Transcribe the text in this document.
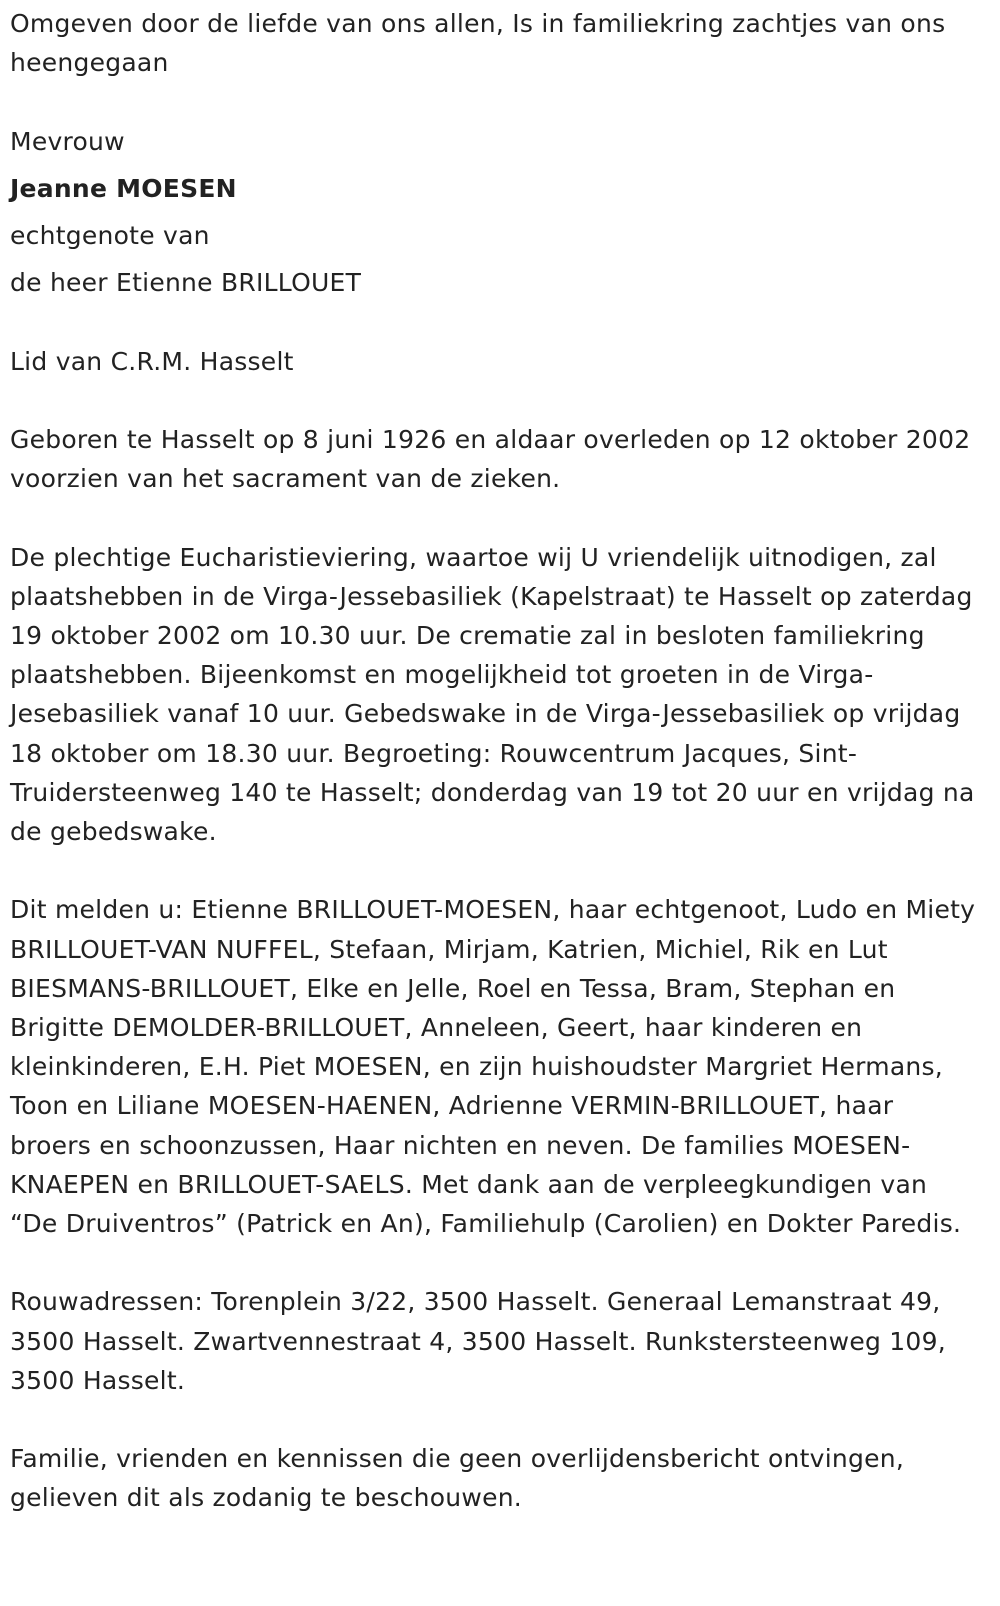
Omgeven door de liefde van ons allen, Is in familiekring zachtjes van ons heengegaan

Mevrouw

Jeanne MOESEN

echtgenote van

de heer Etienne BRILLOUET

Lid van C.R.M. Hasselt

Geboren te Hasselt op 8 juni 1926 en aldaar overleden op 12 oktober 2002 voorzien van het sacrament van de zieken.

De plechtige Eucharistieviering, waartoe wij U vriendelijk uitnodigen, zal plaatshebben in de Virga-Jessebasiliek (Kapelstraat) te Hasselt op zaterdag 19 oktober 2002 om 10.30 uur. De crematie zal in besloten familiekring plaatshebben. Bijeenkomst en mogelijkheid tot groeten in de Virga-Jesebasiliek vanaf 10 uur. Gebedswake in de Virga-Jessebasiliek op vrijdag 18 oktober om 18.30 uur. Begroeting: Rouwcentrum Jacques, Sint-Truidersteenweg 140 te Hasselt; donderdag van 19 tot 20 uur en vrijdag na de gebedswake.

Dit melden u: Etienne BRILLOUET-MOESEN, haar echtgenoot, Ludo en Miety BRILLOUET-VAN NUFFEL, Stefaan, Mirjam, Katrien, Michiel, Rik en Lut BIESMANS-BRILLOUET, Elke en Jelle, Roel en Tessa, Bram, Stephan en Brigitte DEMOLDER-BRILLOUET, Anneleen, Geert, haar kinderen en kleinkinderen, E.H. Piet MOESEN, en zijn huishoudster Margriet Hermans, Toon en Liliane MOESEN-HAENEN, Adrienne VERMIN-BRILLOUET, haar broers en schoonzussen, Haar nichten en neven. De families MOESEN-KNAEPEN en BRILLOUET-SAELS. Met dank aan de verpleegkundigen van “De Druiventros” (Patrick en An), Familiehulp (Carolien) en Dokter Paredis.

Rouwadressen: Torenplein 3/22, 3500 Hasselt. Generaal Lemanstraat 49, 3500 Hasselt. Zwartvennestraat 4, 3500 Hasselt. Runkstersteenweg 109, 3500 Hasselt.

Familie, vrienden en kennissen die geen overlijdensbericht ontvingen, gelieven dit als zodanig te beschouwen.
